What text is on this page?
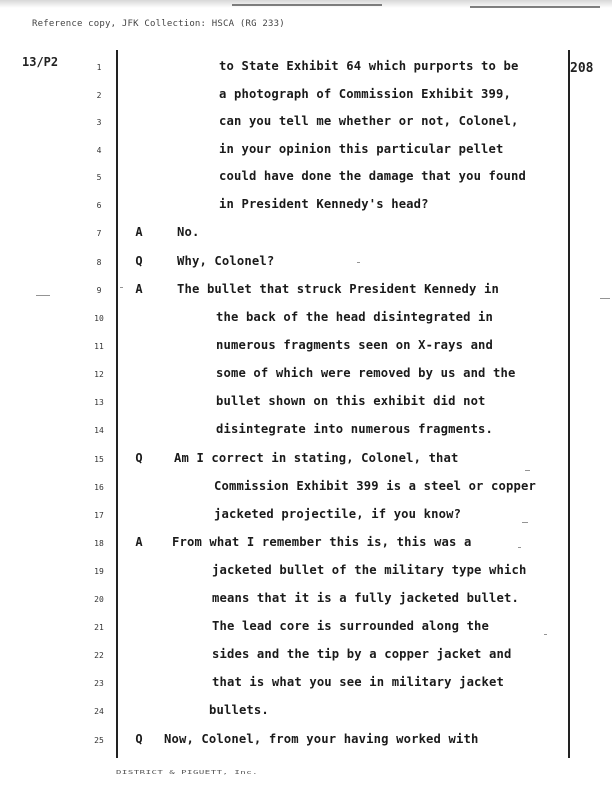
Reference copy, JFK Collection: HSCA (RG 233)
13/P2	208
1	to State Exhibit 64 which purports to be
2	a photograph of Commission Exhibit 399,
3	can you tell me whether or not, Colonel,
4	in your opinion this particular pellet
5	could have done the damage that you found
6	in President Kennedy's head?
7	A	No.
8	Q	Why, Colonel?
9	A	The bullet that struck President Kennedy in
10	the back of the head disintegrated in
11	numerous fragments seen on X-rays and
12	some of which were removed by us and the
13	bullet shown on this exhibit did not
14	disintegrate into numerous fragments.
15	Q	Am I correct in stating, Colonel, that
16	Commission Exhibit 399 is a steel or copper
17	jacketed projectile, if you know?
18	A	From what I remember this is, this was a
19	jacketed bullet of the military type which
20	means that it is a fully jacketed bullet.
21	The lead core is surrounded along the
22	sides and the tip by a copper jacket and
23	that is what you see in military jacket
24	bullets.
25	Q	Now, Colonel, from your having worked with
DISTRICT & PIGUETT, Inc.
